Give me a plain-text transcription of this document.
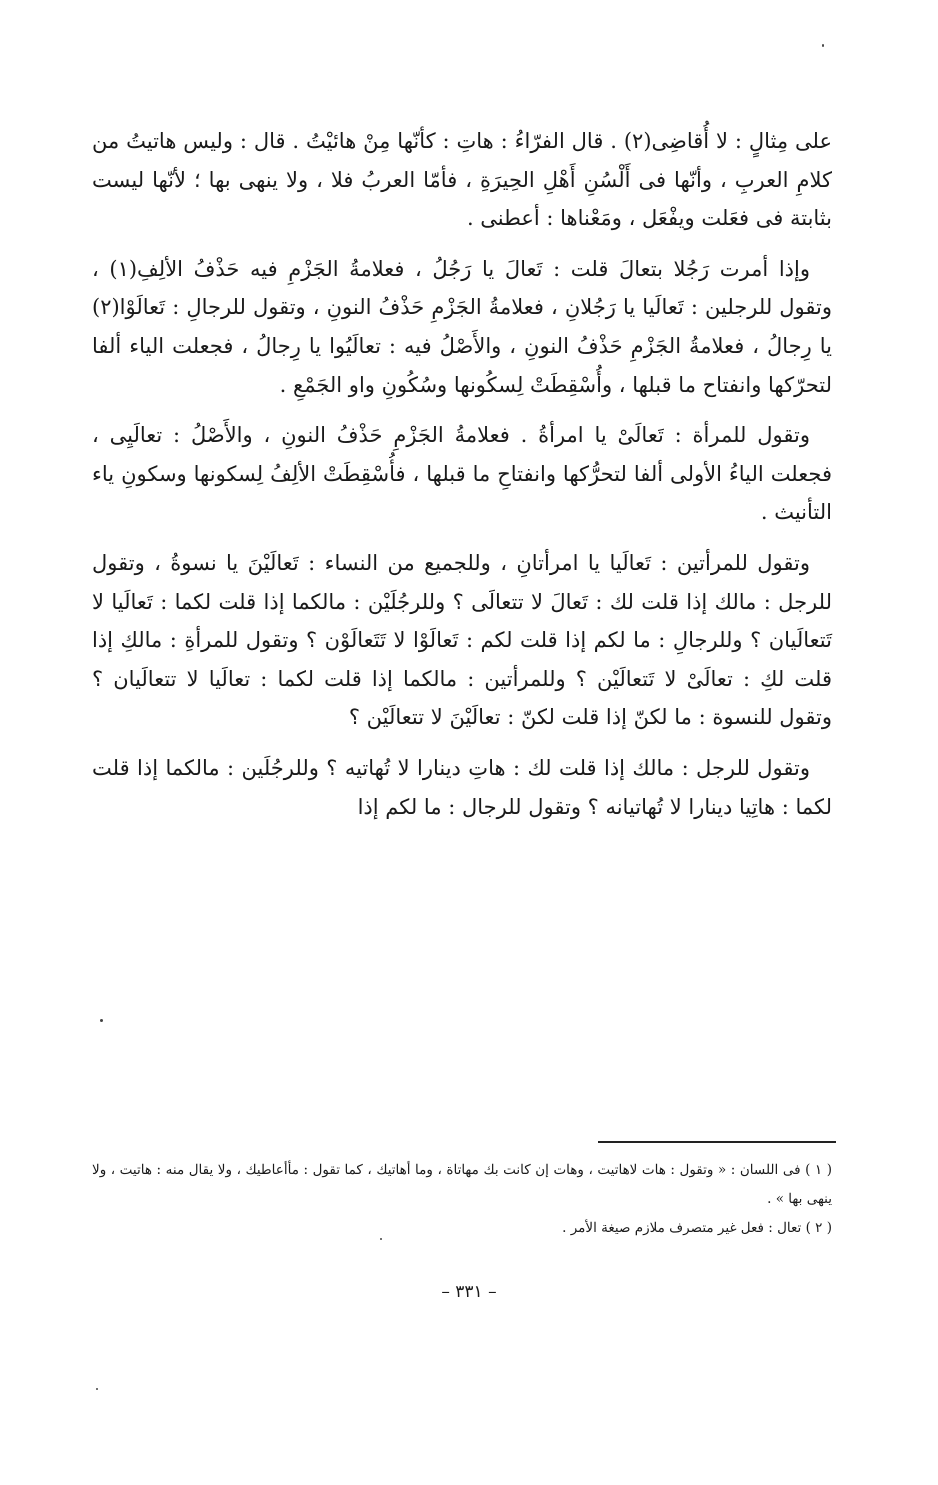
على مِثالٍ : لا أُقاضِى(٢) . قال الفرّاءُ : هاتِ : كأنّها مِنْ هائيْتُ . قال : وليس هاتيتُ من كلامِ العربِ ، وأنّها فى أَلْسُنِ أَهْلِ الحِيرَةِ ، فأمّا العربُ فلا ، ولا ينهى بها ؛ لأنّها ليست بثابتة فى فعَلت ويفْعَل ، ومَعْناها : أعطنى .

وإذا أمرت رَجُلا بتعالَ قلت : تَعالَ يا رَجُلُ ، فعلامةُ الجَزْمِ فيه حَذْفُ الألِفِ(١) ، وتقول للرجلين : تَعالَيا يا رَجُلانِ ، فعلامةُ الجَزْمِ حَذْفُ النونِ ، وتقول للرجالِ : تَعالَوْا(٢) يا رِجالُ ، فعلامةُ الجَزْمِ حَذْفُ النونِ ، والأَصْلُ فيه : تعالَيُوا يا رِجالُ ، فجعلت الياء ألفا لتحرّكها وانفتاح ما قبلها ، وأُسْقِطَتْ لِسكُونها وسُكُونِ واو الجَمْعِ .

وتقول للمرأة : تَعالَىْ يا امرأةُ . فعلامةُ الجَزْمِ حَذْفُ النونِ ، والأَصْلُ : تعالَيِى ، فجعلت الياءُ الأولى ألفا لتحرُّكها وانفتاحِ ما قبلها ، فأُسْقِطَتْ الألِفُ لِسكونها وسكونِ ياء التأنيث .

وتقول للمرأتين : تَعالَيا يا امرأتانِ ، وللجميع من النساء : تَعالَيْنَ يا نسوةُ ، وتقول للرجل : مالك إذا قلت لك : تَعالَ لا تتعالَى ؟ وللرجُلَيْن : مالكما إذا قلت لكما : تَعالَيا لا تَتعالَيان ؟ وللرجالِ : ما لكم إذا قلت لكم : تَعالَوْا لا تَتَعالَوْن ؟ وتقول للمرأةِ : مالكِ إذا قلت لكِ : تعالَىْ لا تَتعالَيْن ؟ وللمرأتين : مالكما إذا قلت لكما : تعالَيا لا تتعالَيان ؟ وتقول للنسوة : ما لكنّ إذا قلت لكنّ : تعالَيْنَ لا تتعالَيْن ؟

وتقول للرجل : مالك إذا قلت لك : هاتِ دينارا لا تُهاتيه ؟ وللرجُلَين : مالكما إذا قلت لكما : هاتِيا دينارا لا تُهاتيانه ؟ وتقول للرجال : ما لكم إذا

( ١ ) فى اللسان : « وتقول : هات لاهاتيت ، وهات إن كانت بك مهاتاة ، وما أهاتيك ، كما تقول : مأأعاطيك ، ولا يقال منه : هاتيت ، ولا ينهى بها » .

( ٢ ) تعال : فعل غير متصرف ملازم صيغة الأمر .

– ٣٣١ –
